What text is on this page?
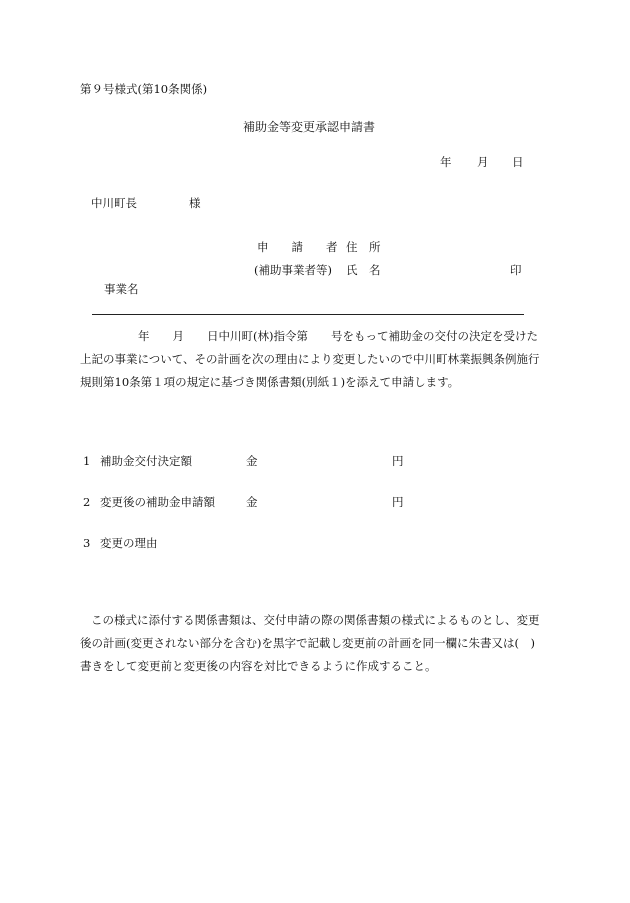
第９号様式(第10条関係)
補助金等変更承認申請書
年 月 日
中川町長	様
申　　請　　者 住　所
(補助事業者等) 氏　名	印
事業名
年　　月　　日中川町(林)指令第　　号をもって補助金の交付の決定を受けた
上記の事業について、その計画を次の理由により変更したいので中川町林業振興条例施行
規則第10条第１項の規定に基づき関係書類(別紙１)を添えて申請します。
1 補助金交付決定額	金	円
2 変更後の補助金申請額	金	円
3 変更の理由
この様式に添付する関係書類は、交付申請の際の関係書類の様式によるものとし、変更
後の計画(変更されない部分を含む)を黒字で記載し変更前の計画を同一欄に朱書又は(　)
書きをして変更前と変更後の内容を対比できるように作成すること。
